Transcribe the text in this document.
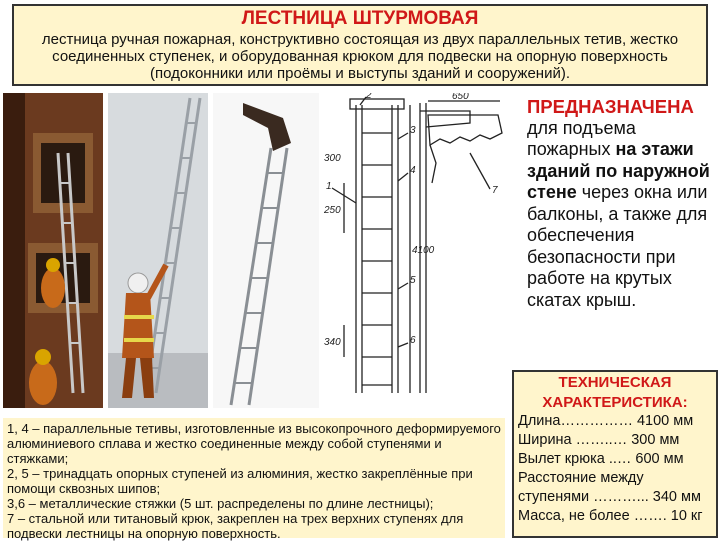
ЛЕСТНИЦА ШТУРМОВАЯ
лестница ручная пожарная, конструктивно состоящая из двух параллельных тетив, жестко соединенных ступенек, и оборудованная крюком для подвески на опорную поверхность (подоконники или проёмы и выступы зданий и сооружений).
1
2
3
4
5
6
7
650
300
250
4100
340
ПРЕДНАЗНАЧЕНА
для подъема пожарных на этажи зданий по наружной стене через окна или балконы, а также для обеспечения безопасности при работе на крутых скатах крыш.
ТЕХНИЧЕСКАЯ
ХАРАКТЕРИСТИКА:
Длина…………… 4100 мм
Ширина ……..… 300 мм
Вылет крюка ..… 600 мм
Расстояние между
ступенями ………... 340 мм
Масса, не более ……. 10 кг
1, 4 – параллельные тетивы, изготовленные из высокопрочного деформируемого алюминиевого сплава и жестко соединенные между собой ступенями и стяжками;
2, 5 – тринадцать опорных ступеней из алюминия, жестко закреплённые при помощи сквозных шипов;
3,6 – металлические стяжки (5 шт. распределены по длине лестницы);
7 – стальной или титановый крюк, закреплен на трех верхних ступенях для подвески лестницы на опорную поверхность.
